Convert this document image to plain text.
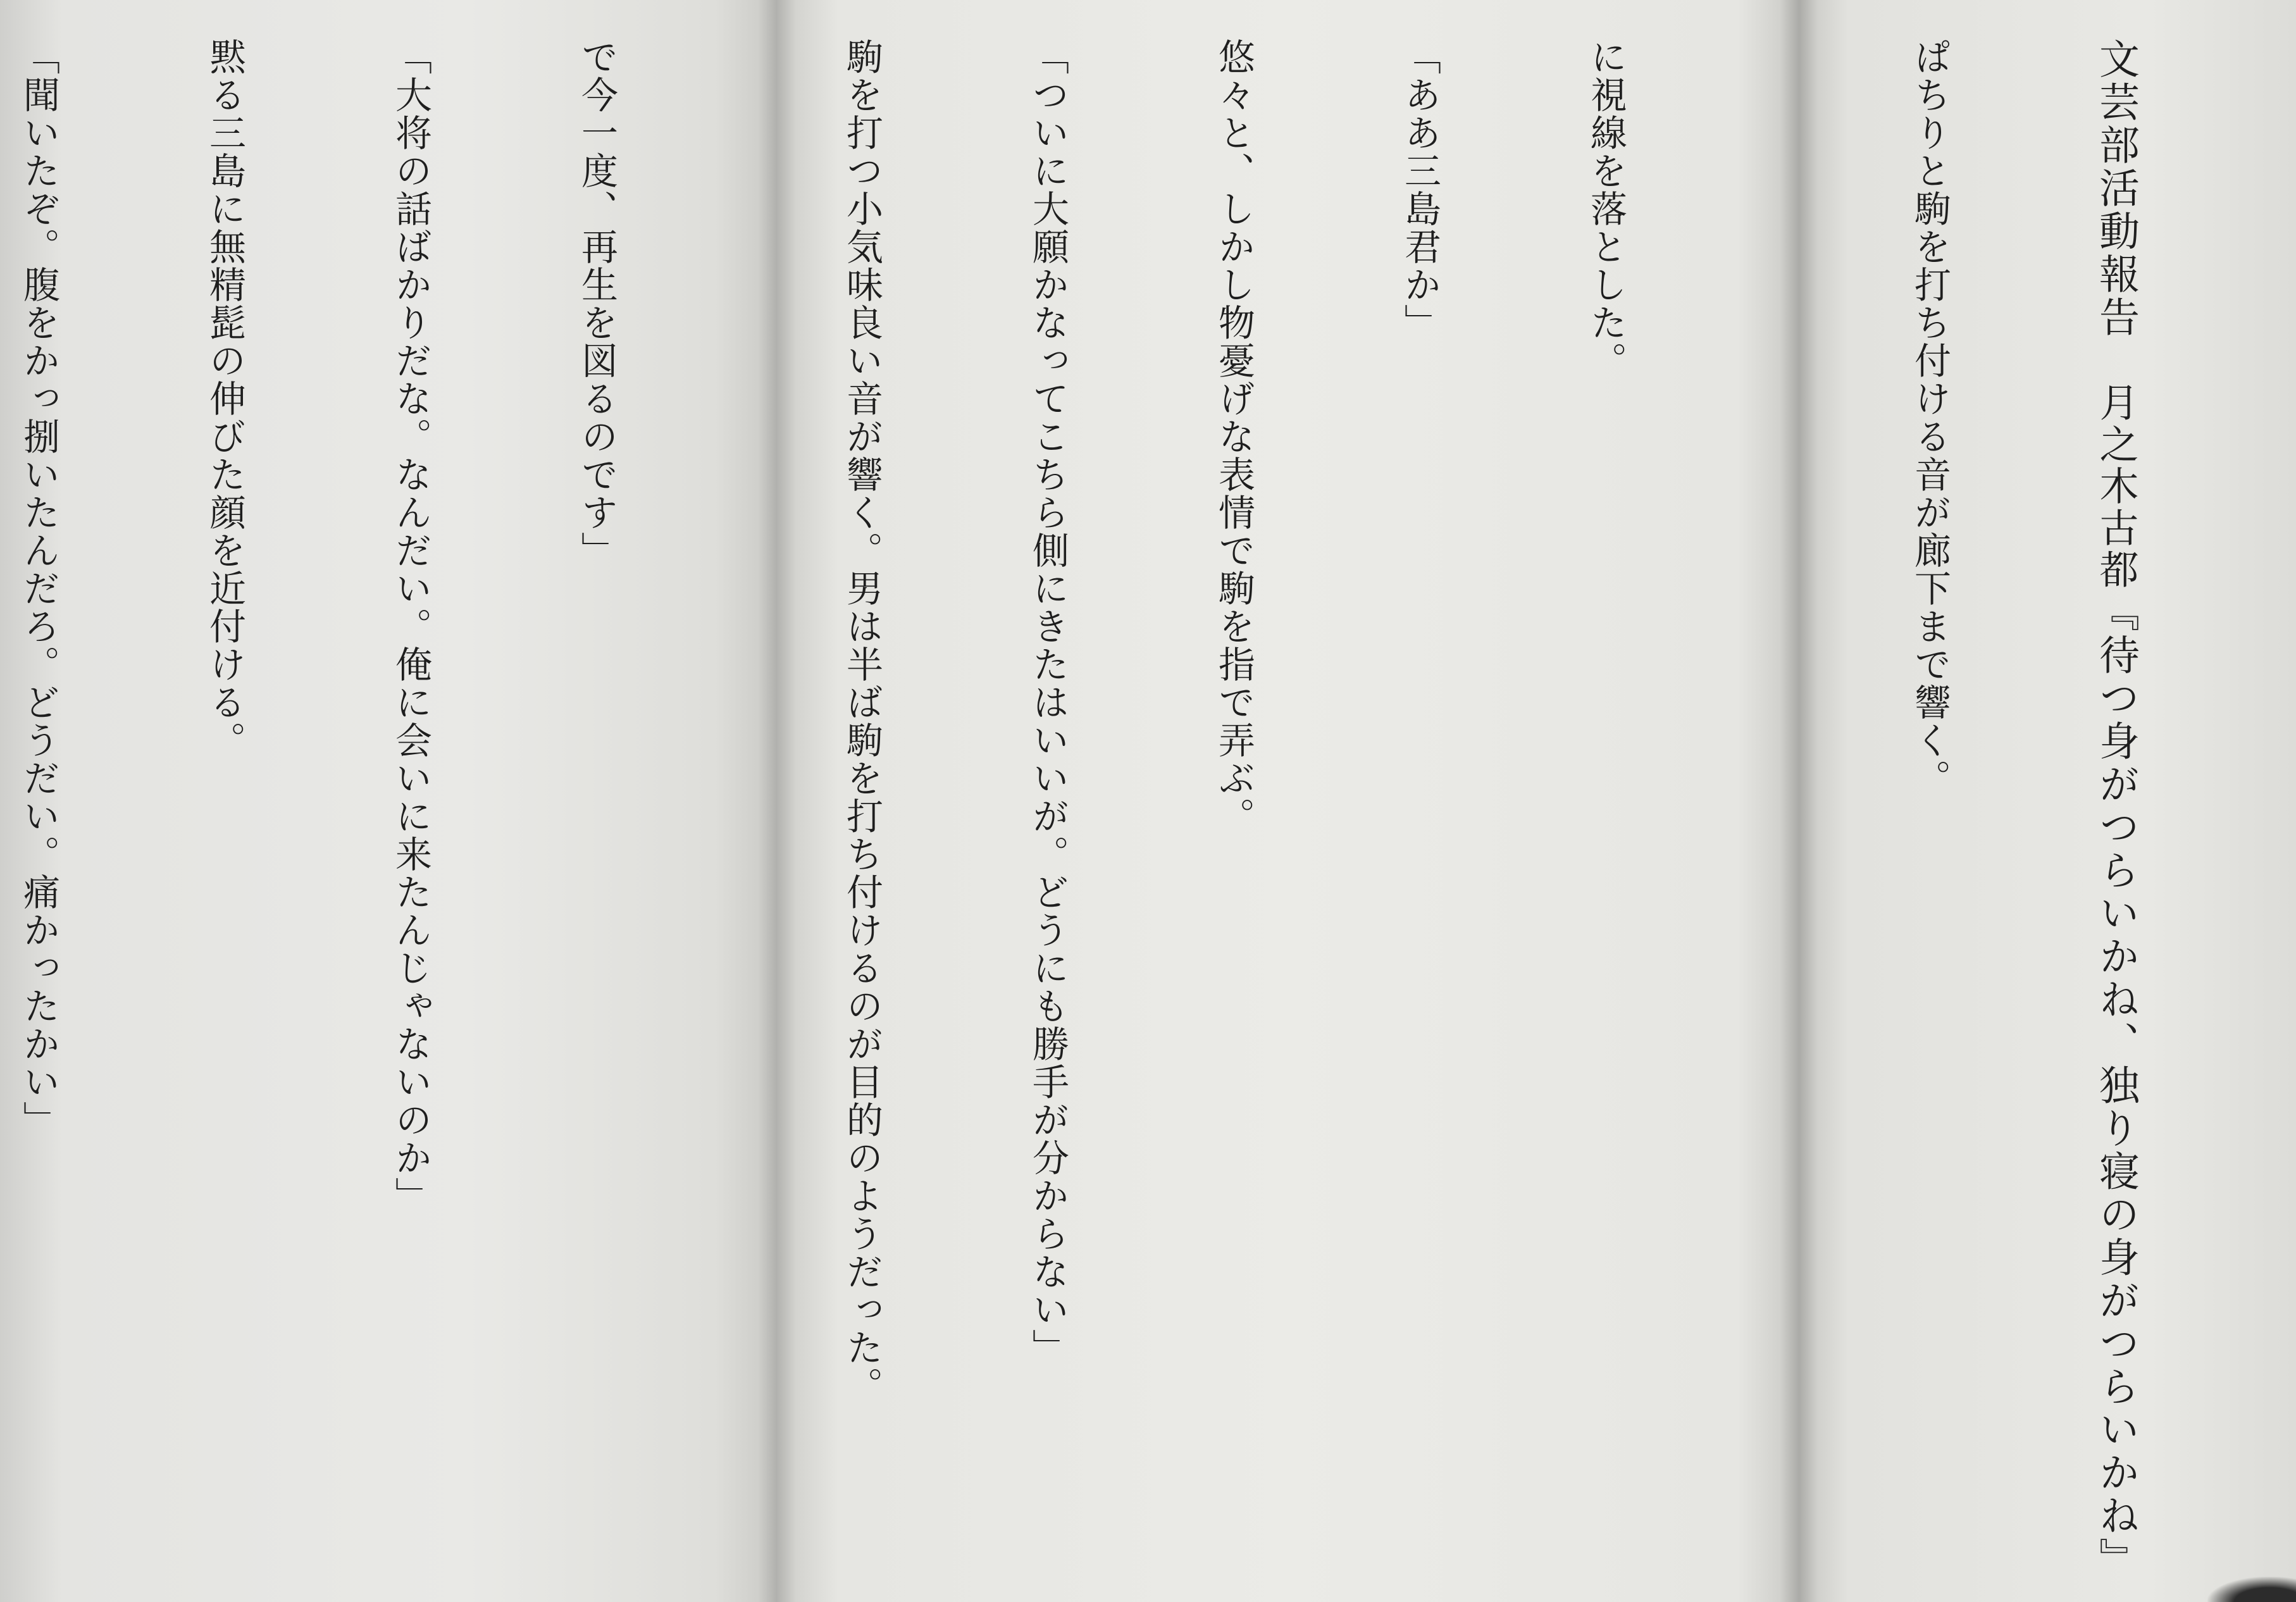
で今一度、再生を図るのです」

「大将の話ばかりだな。なんだい。俺に会いに来たんじゃないのか」

黙る三島に無精髭の伸びた顔を近付ける。

「聞いたぞ。腹をかっ捌いたんだろ。どうだい。痛かったかい」

	に視線を落とした。

「ああ三島君か」

悠々と、しかし物憂げな表情で駒を指で弄ぶ。

「ついに大願かなってこちら側にきたはいいが。どうにも勝手が分からない」

駒を打つ小気味良い音が響く。男は半ば駒を打ち付けるのが目的のようだった。

	文芸部活動報告　月之木古都『待つ身がつらいかね、独り寝の身がつらいかね』

ぱちりと駒を打ち付ける音が廊下まで響く。
